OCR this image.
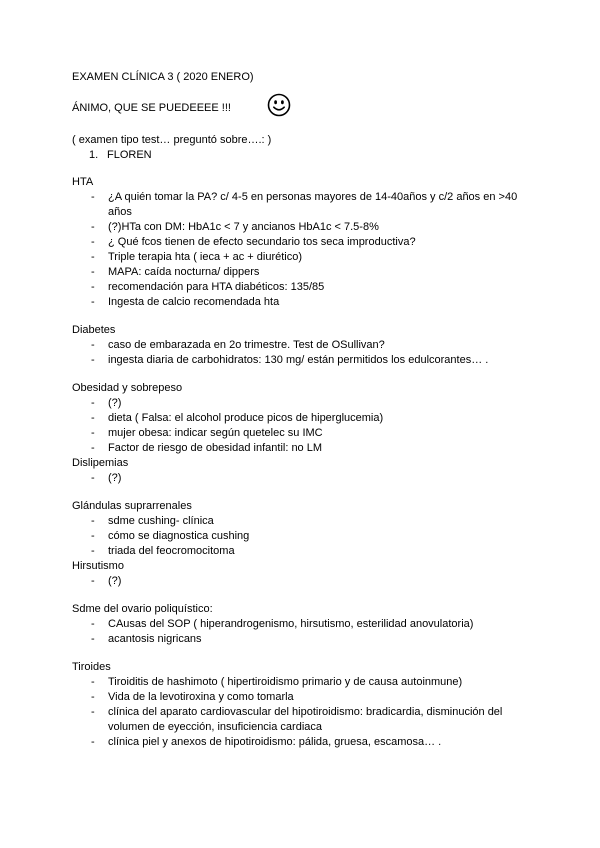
EXAMEN CLÍNICA 3 ( 2020 ENERO)

ÁNIMO, QUE SE PUEDEEEE !!!

( examen tipo test… preguntó sobre….: )

1. FLOREN

HTA

- ¿A quién tomar la PA? c/ 4-5 en personas mayores de 14-40años y c/2 años en >40 años
- (?)HTa con DM: HbA1c < 7 y ancianos HbA1c < 7.5-8%
- ¿ Qué fcos tienen de efecto secundario tos seca improductiva?
- Triple terapia hta ( ieca + ac + diurético)
- MAPA: caída nocturna/ dippers
- recomendación para HTA diabéticos: 135/85
- Ingesta de calcio recomendada hta

Diabetes

- caso de embarazada en 2o trimestre. Test de OSullivan?
- ingesta diaria de carbohidratos: 130 mg/ están permitidos los edulcorantes… .

Obesidad y sobrepeso

- (?)
- dieta ( Falsa: el alcohol produce picos de hiperglucemia)
- mujer obesa: indicar según quetelec su IMC
- Factor de riesgo de obesidad infantil: no LM

Dislipemias

- (?)

Glándulas suprarrenales

- sdme cushing- clínica
- cómo se diagnostica cushing
- triada del feocromocitoma

Hirsutismo

- (?)

Sdme del ovario poliquístico:

- CAusas del SOP ( hiperandrogenismo, hirsutismo, esterilidad anovulatoria)
- acantosis nigricans

Tiroides

- Tiroiditis de hashimoto ( hipertiroidismo primario y de causa autoinmune)
- Vida de la levotiroxina y como tomarla
- clínica del aparato cardiovascular del hipotiroidismo: bradicardia, disminución del volumen de eyección, insuficiencia cardiaca
- clínica piel y anexos de hipotiroidismo: pálida, gruesa, escamosa… .
